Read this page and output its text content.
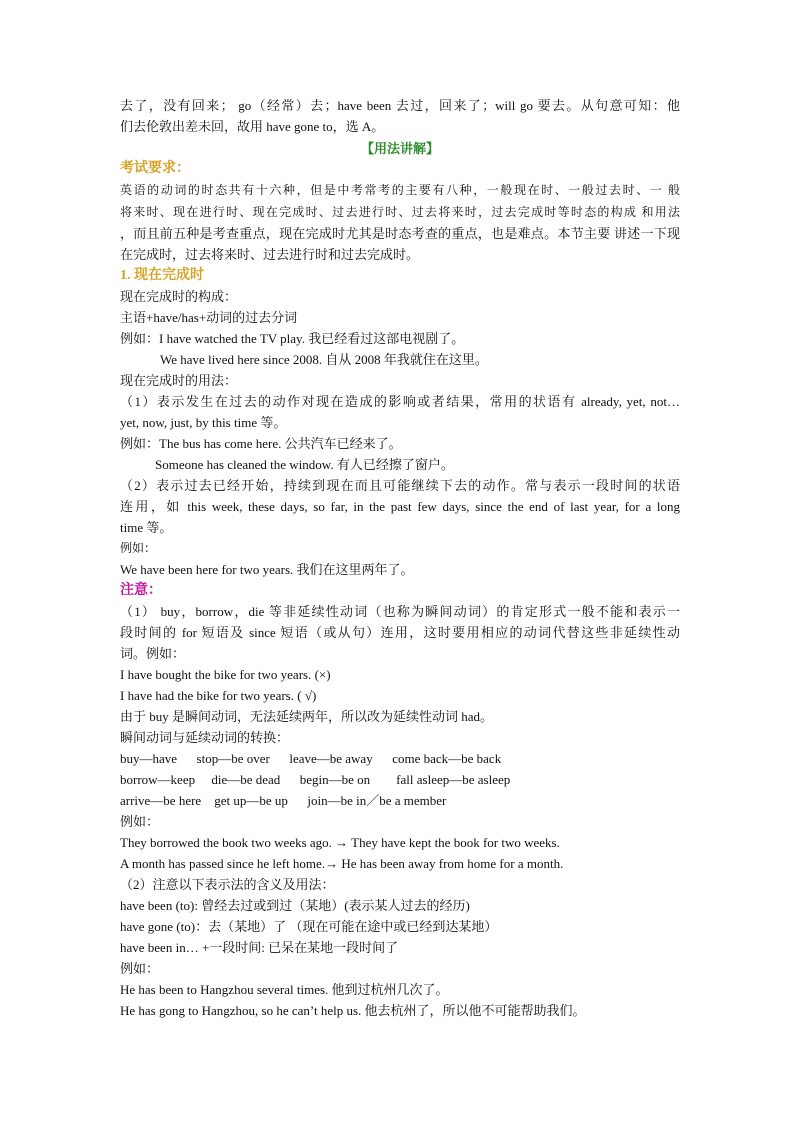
去了，没有回来； go（经常）去；have been 去过，回来了；will go 要去。从句意可知：他
们去伦敦出差未回，故用 have gone to，选 A。
【用法讲解】
考试要求：
英语的动词的时态共有十六种，但是中考常考的主要有八种，一般现在时、一般过去时、一 般
将来时、现在进行时、现在完成时、过去进行时、过去将来时，过去完成时等时态的构成 和用法
，而且前五种是考查重点，现在完成时尤其是时态考查的重点，也是难点。本节主要 讲述一下现
在完成时，过去将来时、过去进行时和过去完成时。
1. 现在完成时
现在完成时的构成：
主语+have/has+动词的过去分词
例如：I have watched the TV play. 我已经看过这部电视剧了。
We have lived here since 2008. 自从 2008 年我就住在这里。
现在完成时的用法：
（1）表示发生在过去的动作对现在造成的影响或者结果，常用的状语有 already, yet, not…
yet, now, just, by this time 等。
例如：The bus has come here. 公共汽车已经来了。
Someone has cleaned the window. 有人已经擦了窗户。
（2）表示过去已经开始，持续到现在而且可能继续下去的动作。常与表示一段时间的状语
连用，如 this week, these days, so far, in the past few days, since the end of last year, for a long
time 等。
例如：
We have been here for two years. 我们在这里两年了。
注意：
（1） buy，borrow，die 等非延续性动词（也称为瞬间动词）的肯定形式一般不能和表示一
段时间的 for 短语及 since 短语（或从句）连用，这时要用相应的动词代替这些非延续性动
词。例如：
I have bought the bike for two years. (×)
I have had the bike for two years. ( √)
由于 buy 是瞬间动词，无法延续两年，所以改为延续性动词 had。
瞬间动词与延续动词的转换：
buy—have      stop—be over      leave—be away      come back—be back
borrow—keep     die—be dead      begin—be on        fall asleep—be asleep
arrive—be here    get up—be up      join—be in／be a member
例如：
They borrowed the book two weeks ago. → They have kept the book for two weeks.
A month has passed since he left home.→ He has been away from home for a month.
（2）注意以下表示法的含义及用法：
have been (to): 曾经去过或到过（某地）(表示某人过去的经历)
have gone (to)：去（某地）了 （现在可能在途中或已经到达某地）
have been in… +一段时间: 已呆在某地一段时间了
例如：
He has been to Hangzhou several times. 他到过杭州几次了。
He has gong to Hangzhou, so he can’t help us. 他去杭州了，所以他不可能帮助我们。
